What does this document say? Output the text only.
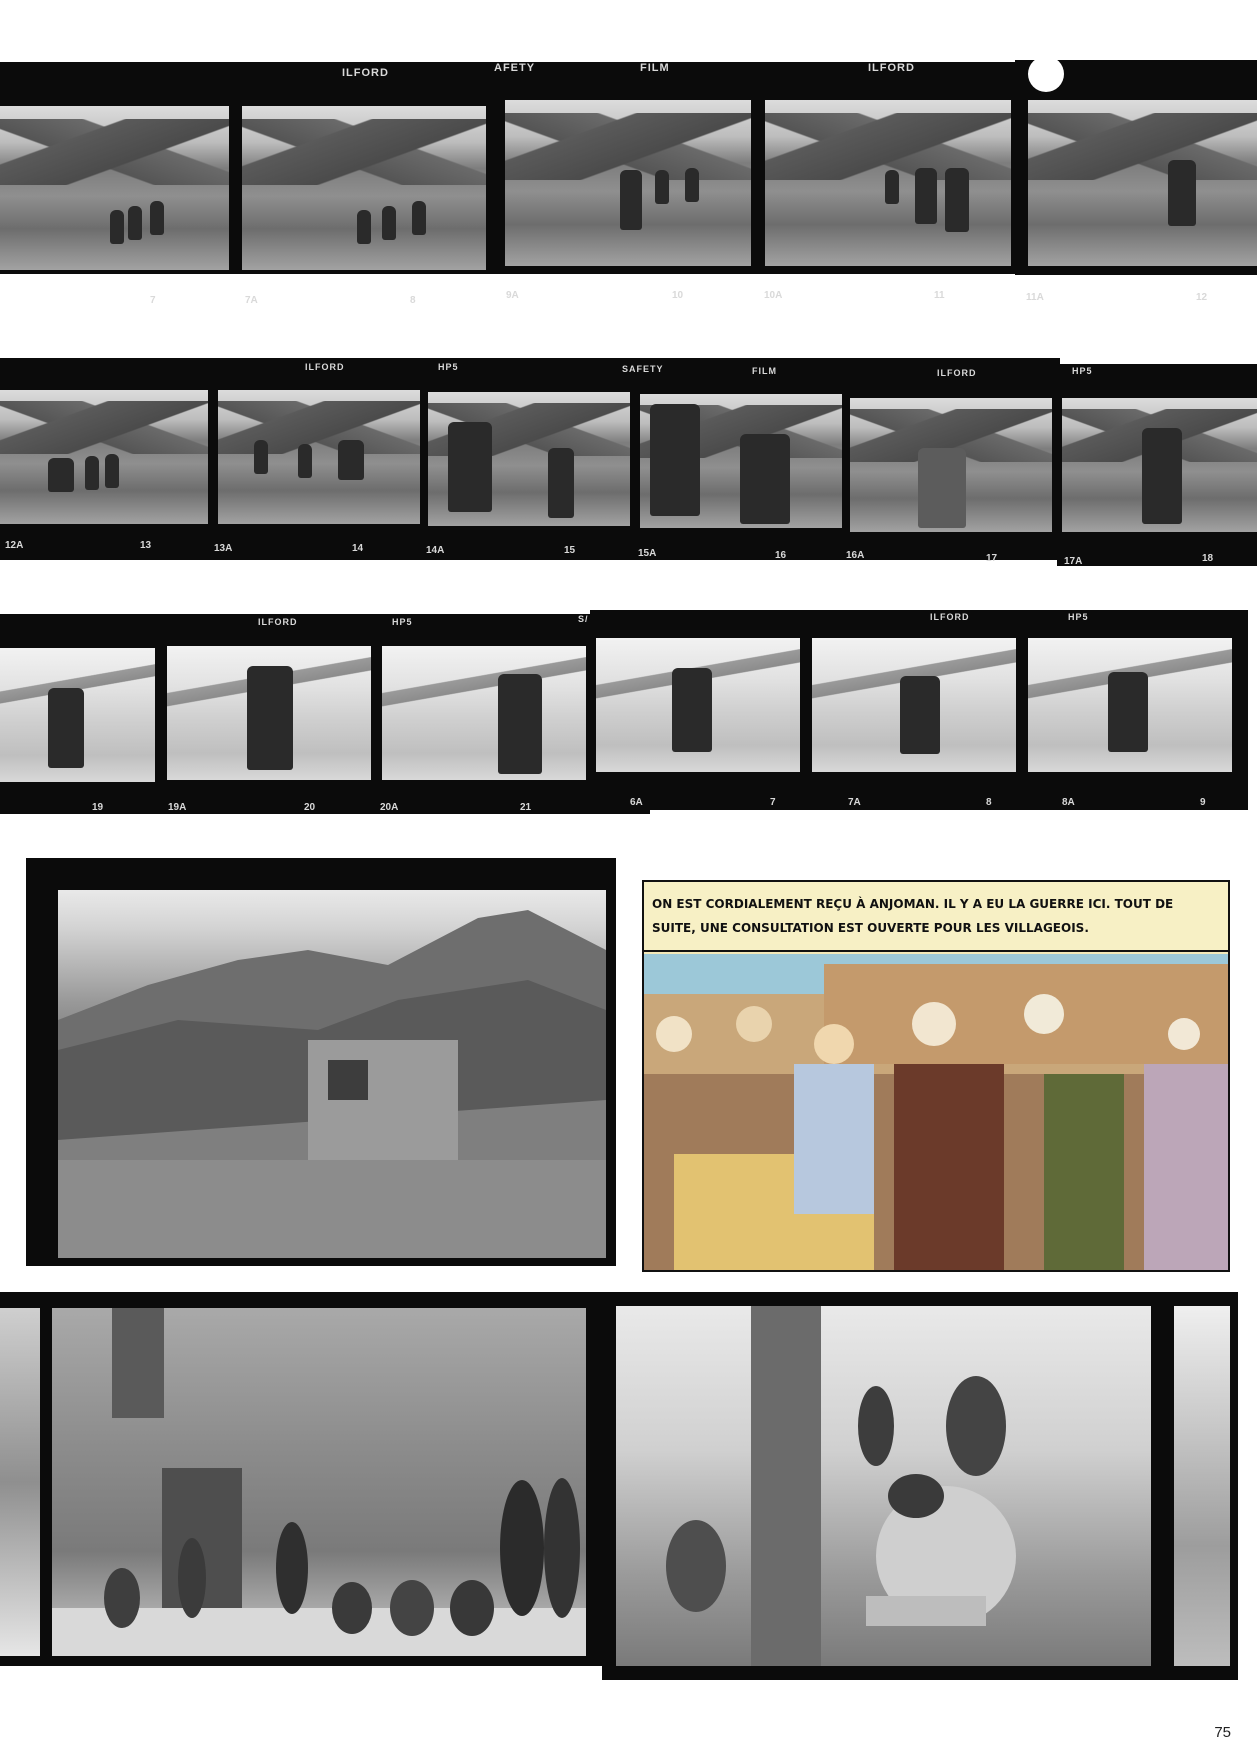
ILFORD	AFETY	FILM	ILFORD
7	7A	8	9A	10	10A	11	11A	12
ILFORD	HP5	SAFETY	FILM	ILFORD	HP5
12A	13	13A	14	14A	15	15A	16	16A	17	17A	18
ILFORD	HP5	S/	ILFORD	HP5
19	19A	20	20A	21	6A	7	7A	8	8A	9
ON EST CORDIALEMENT REÇU À ANJOMAN. IL Y A EU LA GUERRE ICI. TOUT DE SUITE, UNE CONSULTATION EST OUVERTE POUR LES VILLAGEOIS.
75
